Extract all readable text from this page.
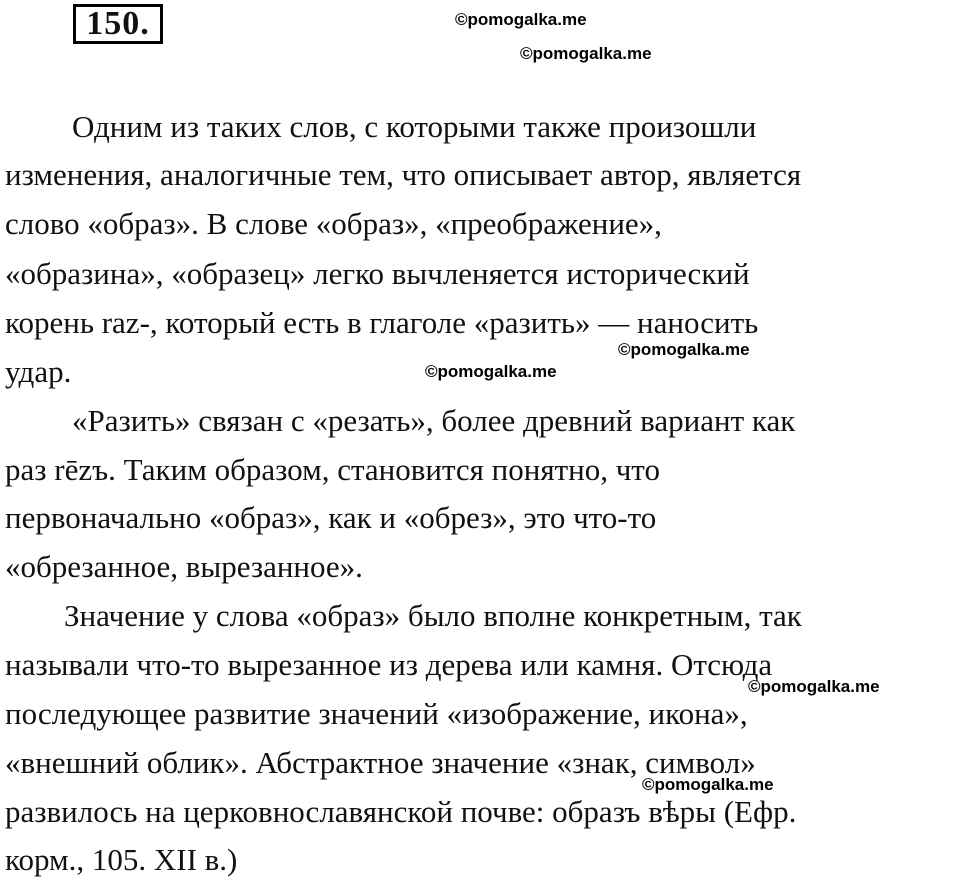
150.	©pomogalka.me
©pomogalka.me
©pomogalka.me
©pomogalka.me
©pomogalka.me
©pomogalka.me
Одним из таких слов, с которыми также произошли
изменения, аналогичные тем, что описывает автор, является
слово «образ». В слове «образ», «преображение»,
«образина», «образец» легко вычленяется исторический
корень raz-, который есть в глаголе «разить» — наносить
удар.
«Разить» связан с «резать», более древний вариант как
раз rēzъ. Таким образом, становится понятно, что
первоначально «образ», как и «обрез», это что-то
«обрезанное, вырезанное».
Значение у слова «образ» было вполне конкретным, так
называли что-то вырезанное из дерева или камня. Отсюда
последующее развитие значений «изображение, икона»,
«внешний облик». Абстрактное значение «знак, символ»
развилось на церковнославянской почве: образъ вѣры (Ефр.
корм., 105. XII в.)
